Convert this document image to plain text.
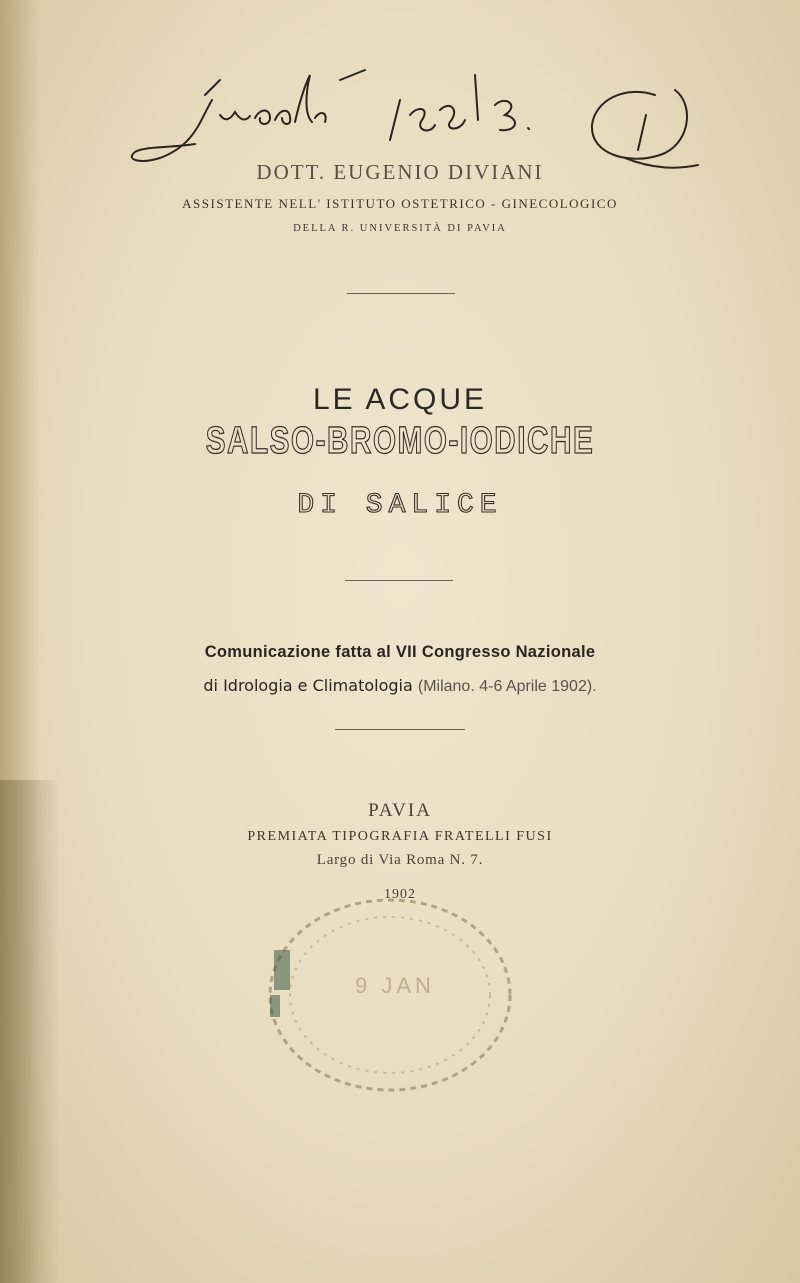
DOTT. EUGENIO DIVIANI
ASSISTENTE NELL' ISTITUTO OSTETRICO - GINECOLOGICO
DELLA R. UNIVERSITÀ DI PAVIA
LE ACQUE
SALSO-BROMO-IODICHE
DI SALICE
Comunicazione fatta al VII Congresso Nazionale
di Idrologia e Climatologia (Milano. 4-6 Aprile 1902).
PAVIA
PREMIATA TIPOGRAFIA FRATELLI FUSI
Largo di Via Roma N. 7.
1902
9 JAN
